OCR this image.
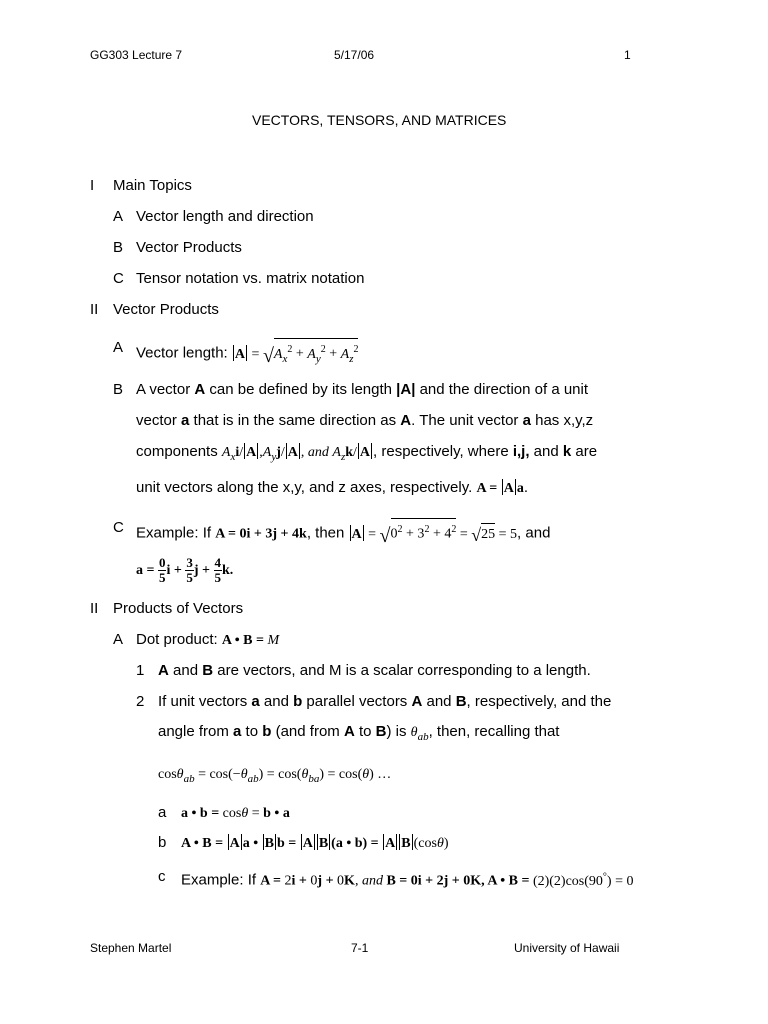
GG303 Lecture 7	5/17/06	1
VECTORS, TENSORS, AND MATRICES
I Main Topics
A Vector length and direction
B Vector Products
C Tensor notation vs. matrix notation
II Vector Products
A Vector length: $A = √A_x^2 + A_y^2 + A_z^2$
B A vector A can be defined by its length |A| and the direction of a unit
vector a that is in the same direction as A. The unit vector a has x,y,z
components $A_xi/$ A $,A_yj/$ A , and $A_zk/$ A , respectively, where i,j, and k are
unit vectors along the x,y, and z axes, respectively. A = A a.
C Example: If A = 0i + 3j + 4k, then $A = √0^2 + 3^2 + 4^2 = √25 = 5$, and
$a = \frac{0}{5}$ $i + \frac{3}{5}$ $j + \frac{4}{5} k$.
II Products of Vectors
A Dot product: A • B = M
1 A and B are vectors, and M is a scalar corresponding to a length.
2 If unit vectors a and b parallel vectors A and B, respectively, and the
angle from a to b (and from A to B) is $\theta_{ab}$, then, recalling that
$\cos\theta_{ab} = \cos(-\theta_{ab}) = \cos(\theta_{ba}) = \cos(\theta)$ …
a a • b = cosθ = b • a
b A • B = A a • B b = A B (a • b) = A B (cosθ)
c Example: If A = 2i + 0j + 0K, and B = 0i + 2j + 0K, A • B = (2)(2)cos(90°) = 0
Stephen Martel	7-1	University of Hawaii
